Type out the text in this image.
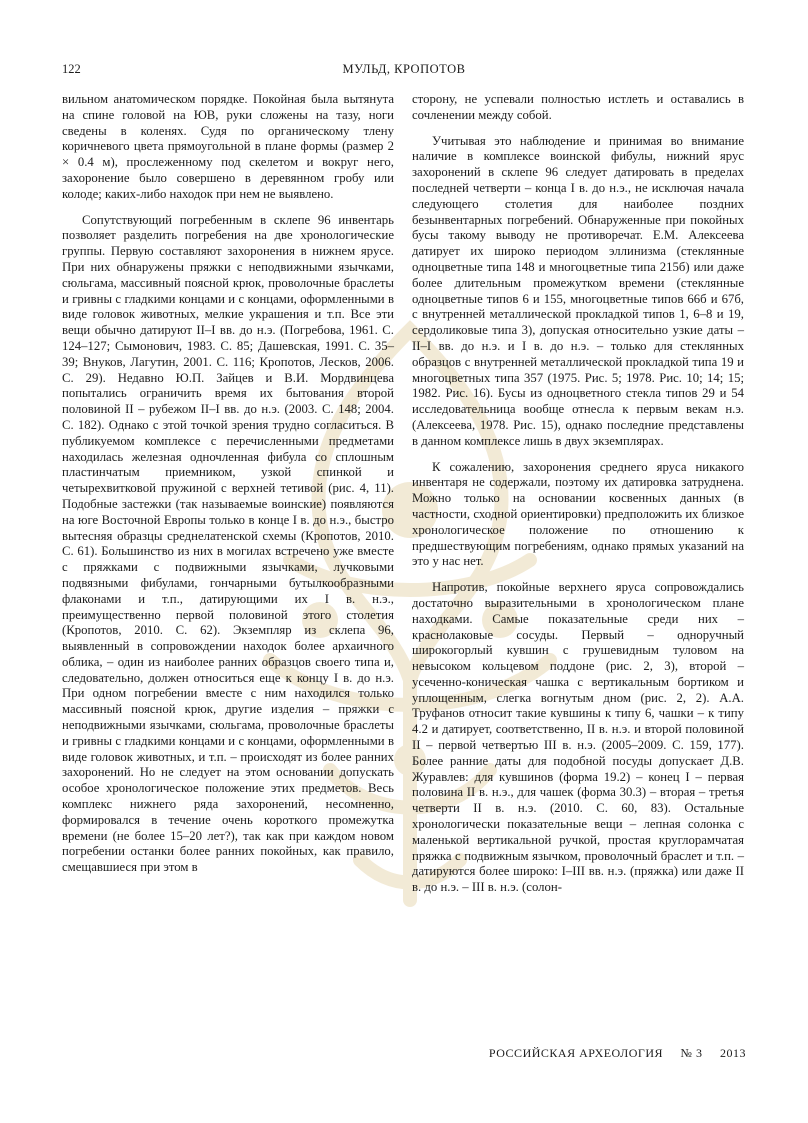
122	МУЛЬД, КРОПОТОВ

вильном анатомическом порядке. Покойная была вытянута на спине головой на ЮВ, руки сложены на тазу, ноги сведены в коленях. Судя по органическому тлену коричневого цвета прямоугольной в плане формы (размер 2 × 0.4 м), прослеженному под скелетом и вокруг него, захоронение было совершено в деревянном гробу или колоде; каких-либо находок при нем не выявлено.

Сопутствующий погребенным в склепе 96 инвентарь позволяет разделить погребения на две хронологические группы. Первую составляют захоронения в нижнем ярусе. При них обнаружены пряжки с неподвижными язычками, сюльгама, массивный поясной крюк, проволочные браслеты и гривны с гладкими концами и с концами, оформленными в виде головок животных, мелкие украшения и т.п. Все эти вещи обычно датируют II–I вв. до н.э. (Погребова, 1961. С. 124–127; Сымонович, 1983. С. 85; Дашевская, 1991. С. 35–39; Внуков, Лагутин, 2001. С. 116; Кропотов, Лесков, 2006. С. 29). Недавно Ю.П. Зайцев и В.И. Мордвинцева попытались ограничить время их бытования второй половиной II – рубежом II–I вв. до н.э. (2003. С. 148; 2004. С. 182). Однако с этой точкой зрения трудно согласиться. В публикуемом комплексе с перечисленными предметами находилась железная одночленная фибула со сплошным пластинчатым приемником, узкой спинкой и четырехвитковой пружиной с верхней тетивой (рис. 4, 11). Подобные застежки (так называемые воинские) появляются на юге Восточной Европы только в конце I в. до н.э., быстро вытесняя образцы среднелатенской схемы (Кропотов, 2010. С. 61). Большинство из них в могилах встречено уже вместе с пряжками с подвижными язычками, лучковыми подвязными фибулами, гончарными бутылкообразными флаконами и т.п., датирующими их I в. н.э., преимущественно первой половиной этого столетия (Кропотов, 2010. С. 62). Экземпляр из склепа 96, выявленный в сопровождении находок более архаичного облика, – один из наиболее ранних образцов своего типа и, следовательно, должен относиться еще к концу I в. до н.э. При одном погребении вместе с ним находился только массивный поясной крюк, другие изделия – пряжки с неподвижными язычками, сюльгама, проволочные браслеты и гривны с гладкими концами и с концами, оформленными в виде головок животных, и т.п. – происходят из более ранних захоронений. Но не следует на этом основании допускать особое хронологическое положение этих предметов. Весь комплекс нижнего ряда захоронений, несомненно, формировался в течение очень короткого промежутка времени (не более 15–20 лет?), так как при каждом новом погребении останки более ранних покойных, как правило, смещавшиеся при этом в

сторону, не успевали полностью истлеть и оставались в сочленении между собой.

Учитывая это наблюдение и принимая во внимание наличие в комплексе воинской фибулы, нижний ярус захоронений в склепе 96 следует датировать в пределах последней четверти – конца I в. до н.э., не исключая начала следующего столетия для наиболее поздних безынвентарных погребений. Обнаруженные при покойных бусы такому выводу не противоречат. Е.М. Алексеева датирует их широко периодом эллинизма (стеклянные одноцветные типа 148 и многоцветные типа 215б) или даже более длительным промежутком времени (стеклянные одноцветные типов 6 и 155, многоцветные типов 66б и 67б, с внутренней металлической прокладкой типов 1, 6–8 и 19, сердоликовые типа 3), допуская относительно узкие даты – II–I вв. до н.э. и I в. до н.э. – только для стеклянных образцов с внутренней металлической прокладкой типа 19 и многоцветных типа 357 (1975. Рис. 5; 1978. Рис. 10; 14; 15; 1982. Рис. 16). Бусы из одноцветного стекла типов 29 и 54 исследовательница вообще отнесла к первым векам н.э. (Алексеева, 1978. Рис. 15), однако последние представлены в данном комплексе лишь в двух экземплярах.

К сожалению, захоронения среднего яруса никакого инвентаря не содержали, поэтому их датировка затруднена. Можно только на основании косвенных данных (в частности, сходной ориентировки) предположить их близкое хронологическое положение по отношению к предшествующим погребениям, однако прямых указаний на это у нас нет.

Напротив, покойные верхнего яруса сопровождались достаточно выразительными в хронологическом плане находками. Самые показательные среди них – краснолаковые сосуды. Первый – одноручный широкогорлый кувшин с грушевидным туловом на невысоком кольцевом поддоне (рис. 2, 3), второй – усеченно-коническая чашка с вертикальным бортиком и уплощенным, слегка вогнутым дном (рис. 2, 2). А.А. Труфанов относит такие кувшины к типу 6, чашки – к типу 4.2 и датирует, соответственно, II в. н.э. и второй половиной II – первой четвертью III в. н.э. (2005–2009. С. 159, 177). Более ранние даты для подобной посуды допускает Д.В. Журавлев: для кувшинов (форма 19.2) – конец I – первая половина II в. н.э., для чашек (форма 30.3) – вторая – третья четверти II в. н.э. (2010. С. 60, 83). Остальные хронологически показательные вещи – лепная солонка с маленькой вертикальной ручкой, простая круглорамчатая пряжка с подвижным язычком, проволочный браслет и т.п. – датируются более широко: I–III вв. н.э. (пряжка) или даже II в. до н.э. – III в. н.э. (солон-

РОССИЙСКАЯ АРХЕОЛОГИЯ № 3 2013
